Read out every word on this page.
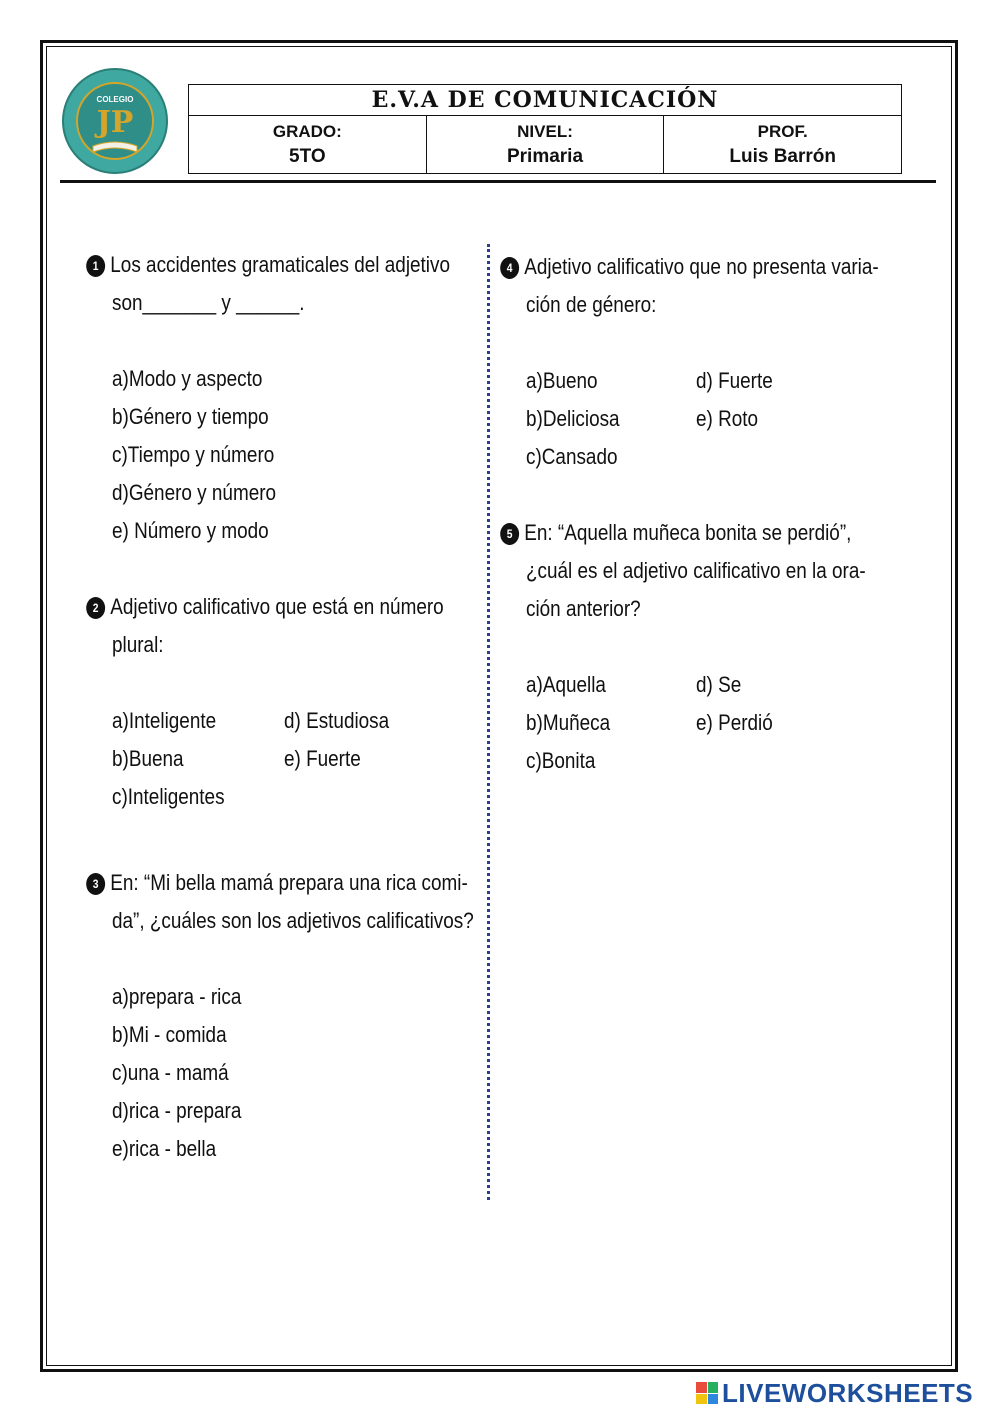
COLEGIO
JP
E.V.A DE COMUNICACIÓN
GRADO:
5TO
NIVEL:
Primaria
PROF.
Luis Barrón
1 Los accidentes gramaticales del adjetivo
son_______ y ______.
a)Modo y aspecto
b)Género y tiempo
c)Tiempo y número
d)Género y número
e) Número y modo
2 Adjetivo calificativo que está en número
plural:
a)Inteligente
b)Buena
c)Inteligentes
d) Estudiosa
e) Fuerte
3 En: “Mi bella mamá prepara una rica comi-
da”, ¿cuáles son los adjetivos calificativos?
a)prepara - rica
b)Mi - comida
c)una - mamá
d)rica - prepara
e)rica - bella
4 Adjetivo calificativo que no presenta varia-
ción de género:
a)Bueno
b)Deliciosa
c)Cansado
d) Fuerte
e) Roto
5 En: “Aquella muñeca bonita se perdió”,
¿cuál es el adjetivo calificativo en la ora-
ción anterior?
a)Aquella
b)Muñeca
c)Bonita
d) Se
e) Perdió
LIVEWORKSHEETS
